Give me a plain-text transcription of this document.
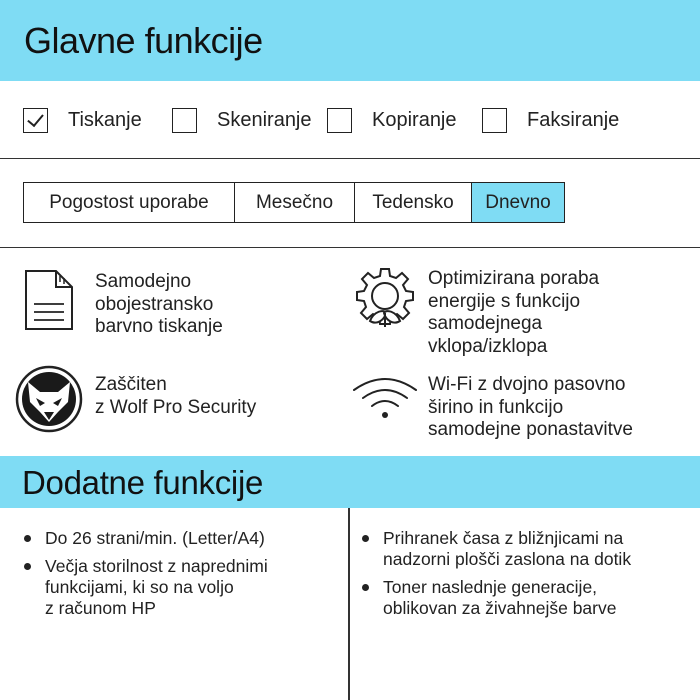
Glavne funkcije
Tiskanje	Skeniranje	Kopiranje	Faksiranje
Pogostost uporabe	Mesečno	Tedensko	Dnevno
Samodejno
obojestransko
barvno tiskanje
Optimizirana poraba
energije s funkcijo
samodejnega
vklopa/izklopa
Zaščiten
z Wolf Pro Security
Wi-Fi z dvojno pasovno
širino in funkcijo
samodejne ponastavitve
Dodatne funkcije
Do 26 strani/min. (Letter/A4)
Večja storilnost z naprednimi
funkcijami, ki so na voljo
z računom HP
Prihranek časa z bližnjicami na
nadzorni plošči zaslona na dotik
Toner naslednje generacije,
oblikovan za živahnejše barve
